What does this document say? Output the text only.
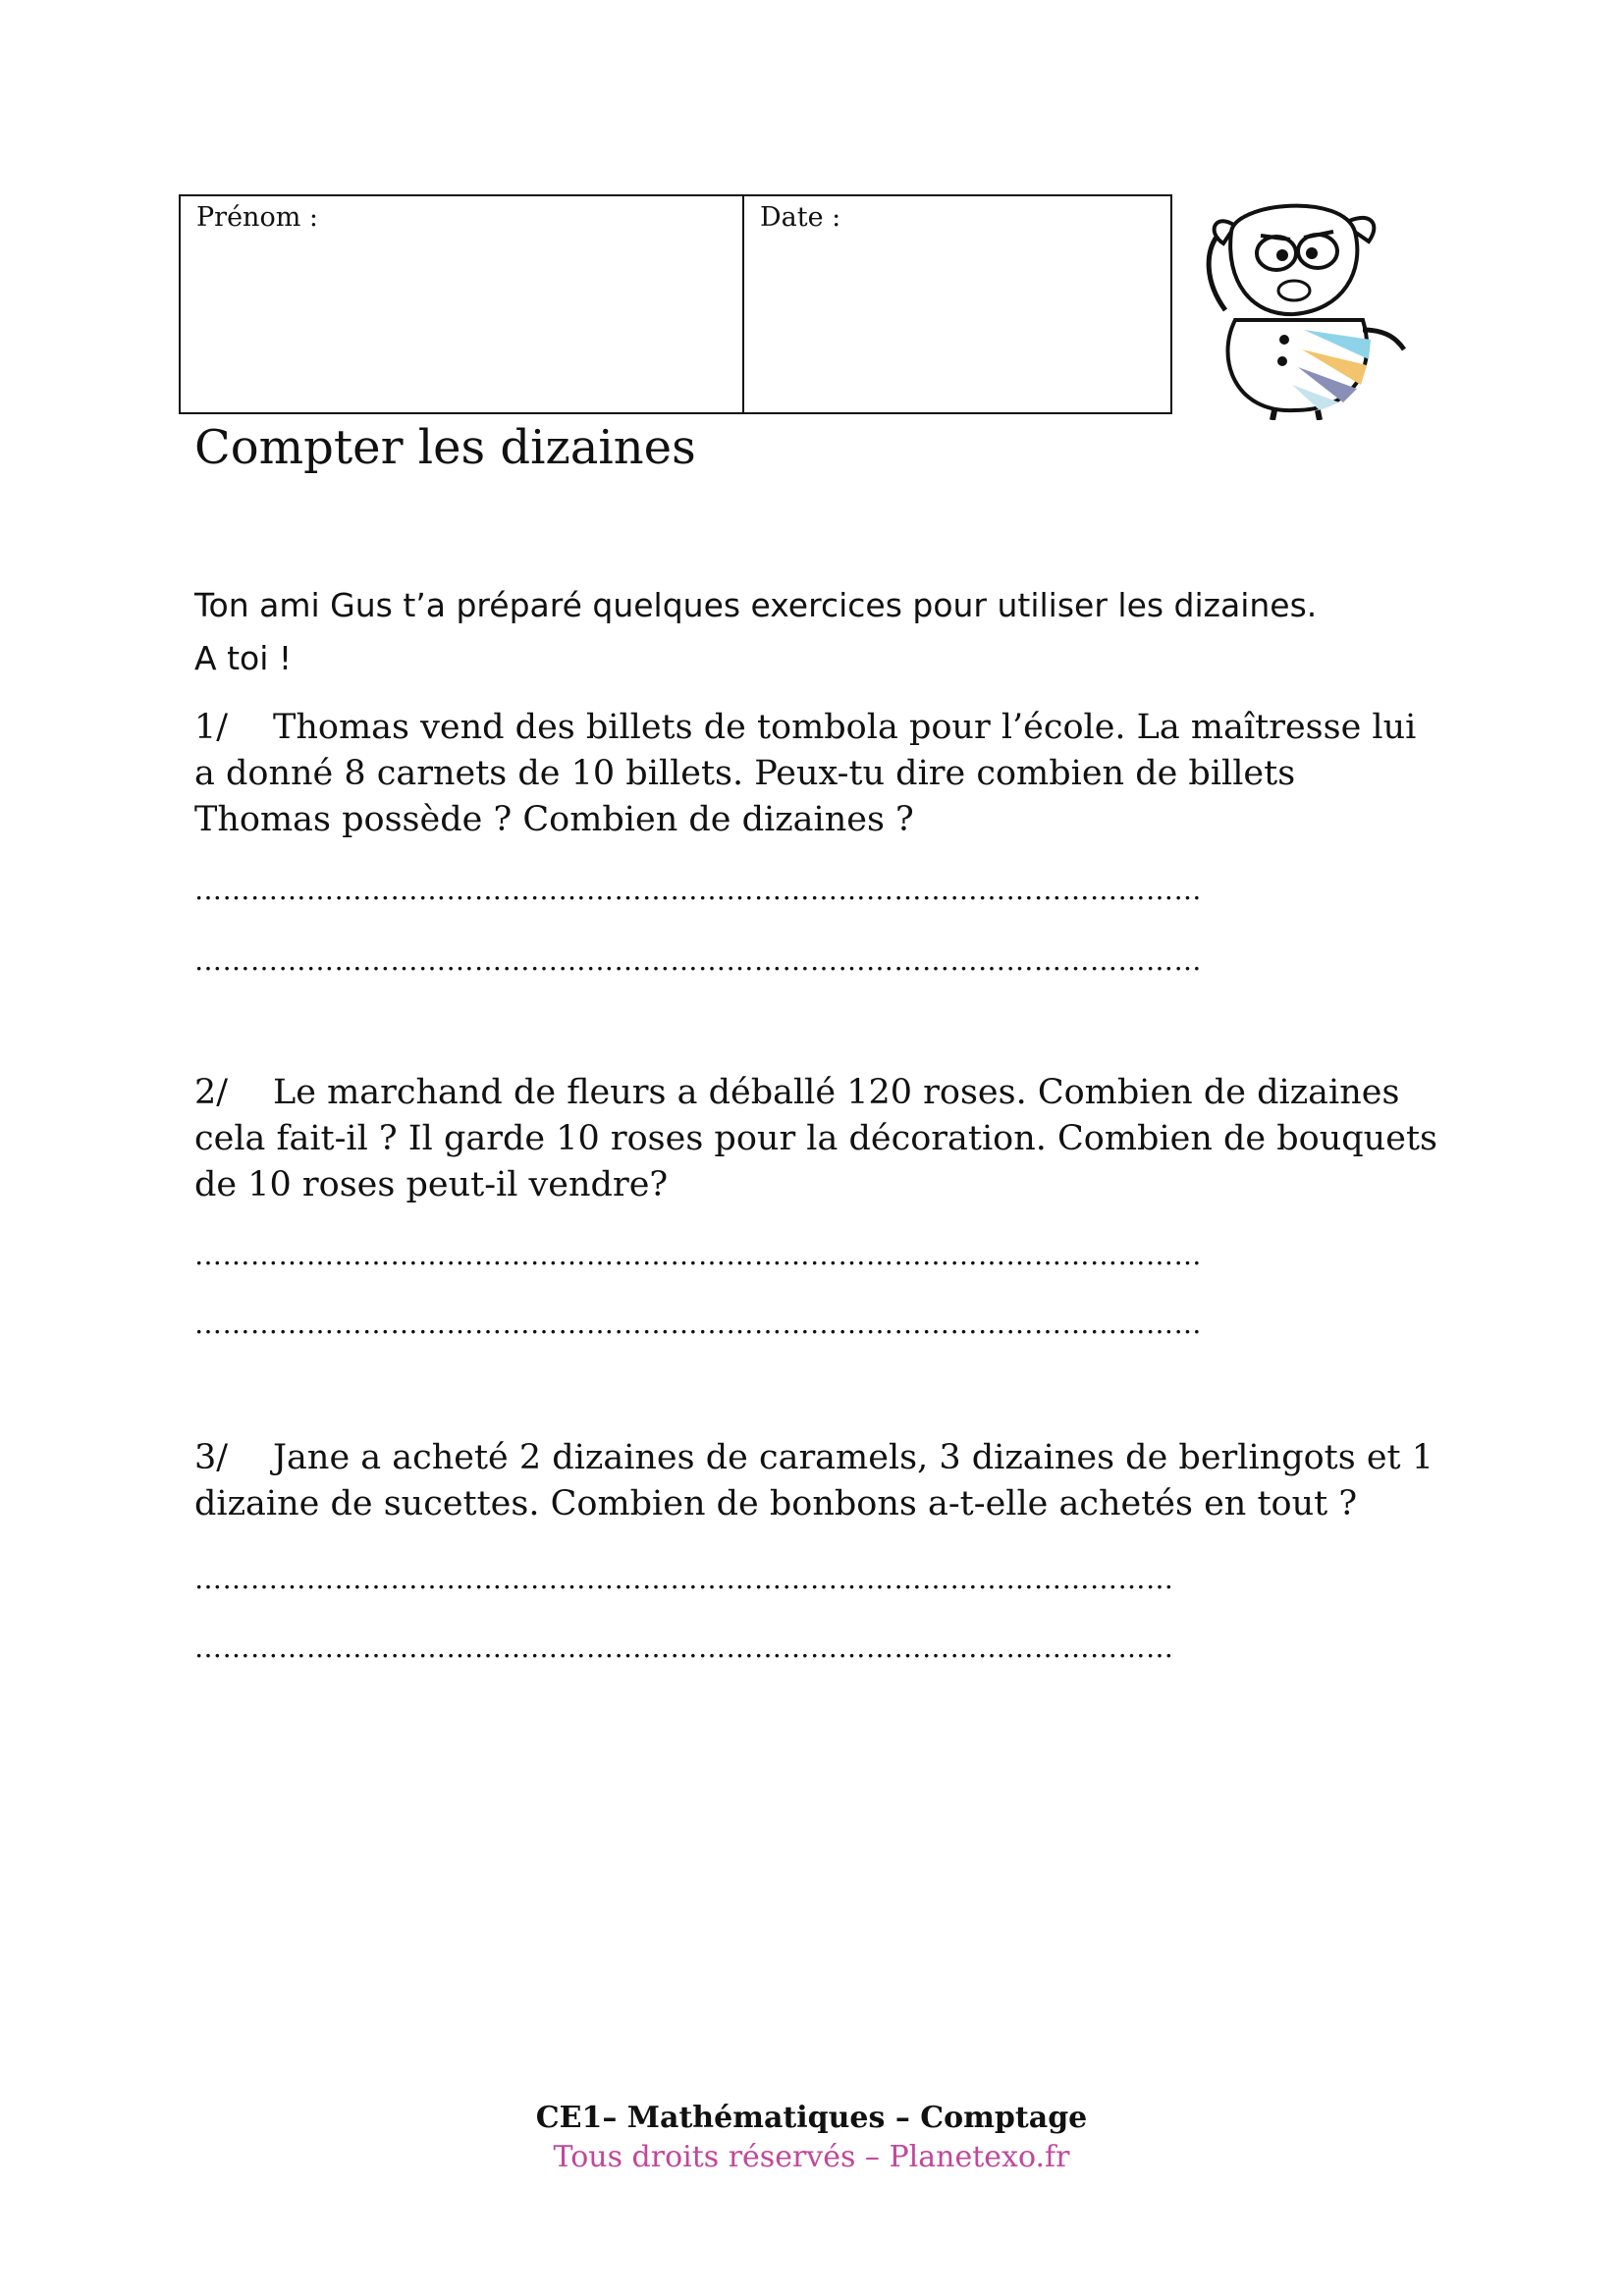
Prénom :	Date :
Compter les dizaines
Ton ami Gus t’a préparé quelques exercices pour utiliser les dizaines.
A toi !
1/ Thomas vend des billets de tombola pour l’école. La maîtresse lui a donné 8 carnets de 10 billets. Peux-tu dire combien de billets Thomas possède ? Combien de dizaines ?
………………………………………………………………………………………………
………………………………………………………………………………………………
2/ Le marchand de fleurs a déballé 120 roses. Combien de dizaines cela fait-il ? Il garde 10 roses pour la décoration. Combien de bouquets de 10 roses peut-il vendre?
………………………………………………………………………………………………
………………………………………………………………………………………………
3/ Jane a acheté 2 dizaines de caramels, 3 dizaines de berlingots et 1 dizaine de sucettes. Combien de bonbons a-t-elle achetés en tout ?
……………………………………………………………………………………………
……………………………………………………………………………………………
CE1– Mathématiques – Comptage
Tous droits réservés – Planetexo.fr
